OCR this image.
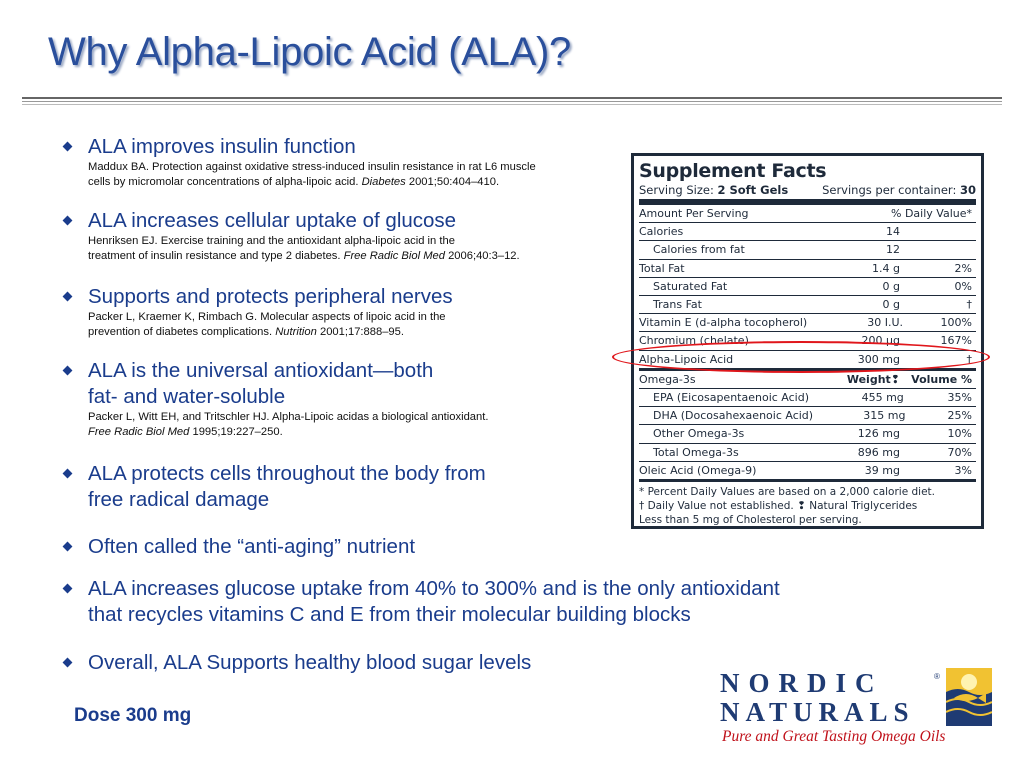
Why Alpha-Lipoic Acid (ALA)?
ALA improves insulin function
Maddux BA. Protection against oxidative stress-induced insulin resistance in rat L6 muscle
cells by micromolar concentrations of alpha-lipoic acid. Diabetes 2001;50:404–410.
ALA increases cellular uptake of glucose
Henriksen EJ. Exercise training and the antioxidant alpha-lipoic acid in the
treatment of insulin resistance and type 2 diabetes. Free Radic Biol Med 2006;40:3–12.
Supports and protects peripheral nerves
Packer L, Kraemer K, Rimbach G. Molecular aspects of lipoic acid in the
prevention of diabetes complications. Nutrition 2001;17:888–95.
ALA is the universal antioxidant—both
fat- and water-soluble
Packer L, Witt EH, and Tritschler HJ. Alpha-Lipoic acidas a biological antioxidant.
Free Radic Biol Med 1995;19:227–250.
ALA protects cells throughout the body from
free radical damage
Often called the “anti-aging” nutrient
ALA increases glucose uptake from 40% to 300% and is the only antioxidant
that recycles vitamins C and E from their molecular building blocks
Overall, ALA Supports healthy blood sugar levels
Dose 300 mg
Supplement Facts
Serving Size: 2 Soft Gels	Servings per container: 30
Amount Per Serving	% Daily Value*
Calories	14
Calories from fat	12
Total Fat	1.4 g	2%
Saturated Fat	0 g	0%
Trans Fat	0 g	†
Vitamin E (d-alpha tocopherol)	30 I.U.	100%
Chromium (chelate)	200 μg	167%
Alpha-Lipoic Acid	300 mg	†
Omega-3s	Weight❢	Volume %
EPA (Eicosapentaenoic Acid)	455 mg	35%
DHA (Docosahexaenoic Acid)	315 mg	25%
Other Omega-3s	126 mg	10%
Total Omega-3s	896 mg	70%
Oleic Acid (Omega-9)	39 mg	3%
* Percent Daily Values are based on a 2,000 calorie diet.
† Daily Value not established. ❢ Natural Triglycerides
Less than 5 mg of Cholesterol per serving.
NORDIC
NATURALS
®
Pure and Great Tasting Omega Oils
